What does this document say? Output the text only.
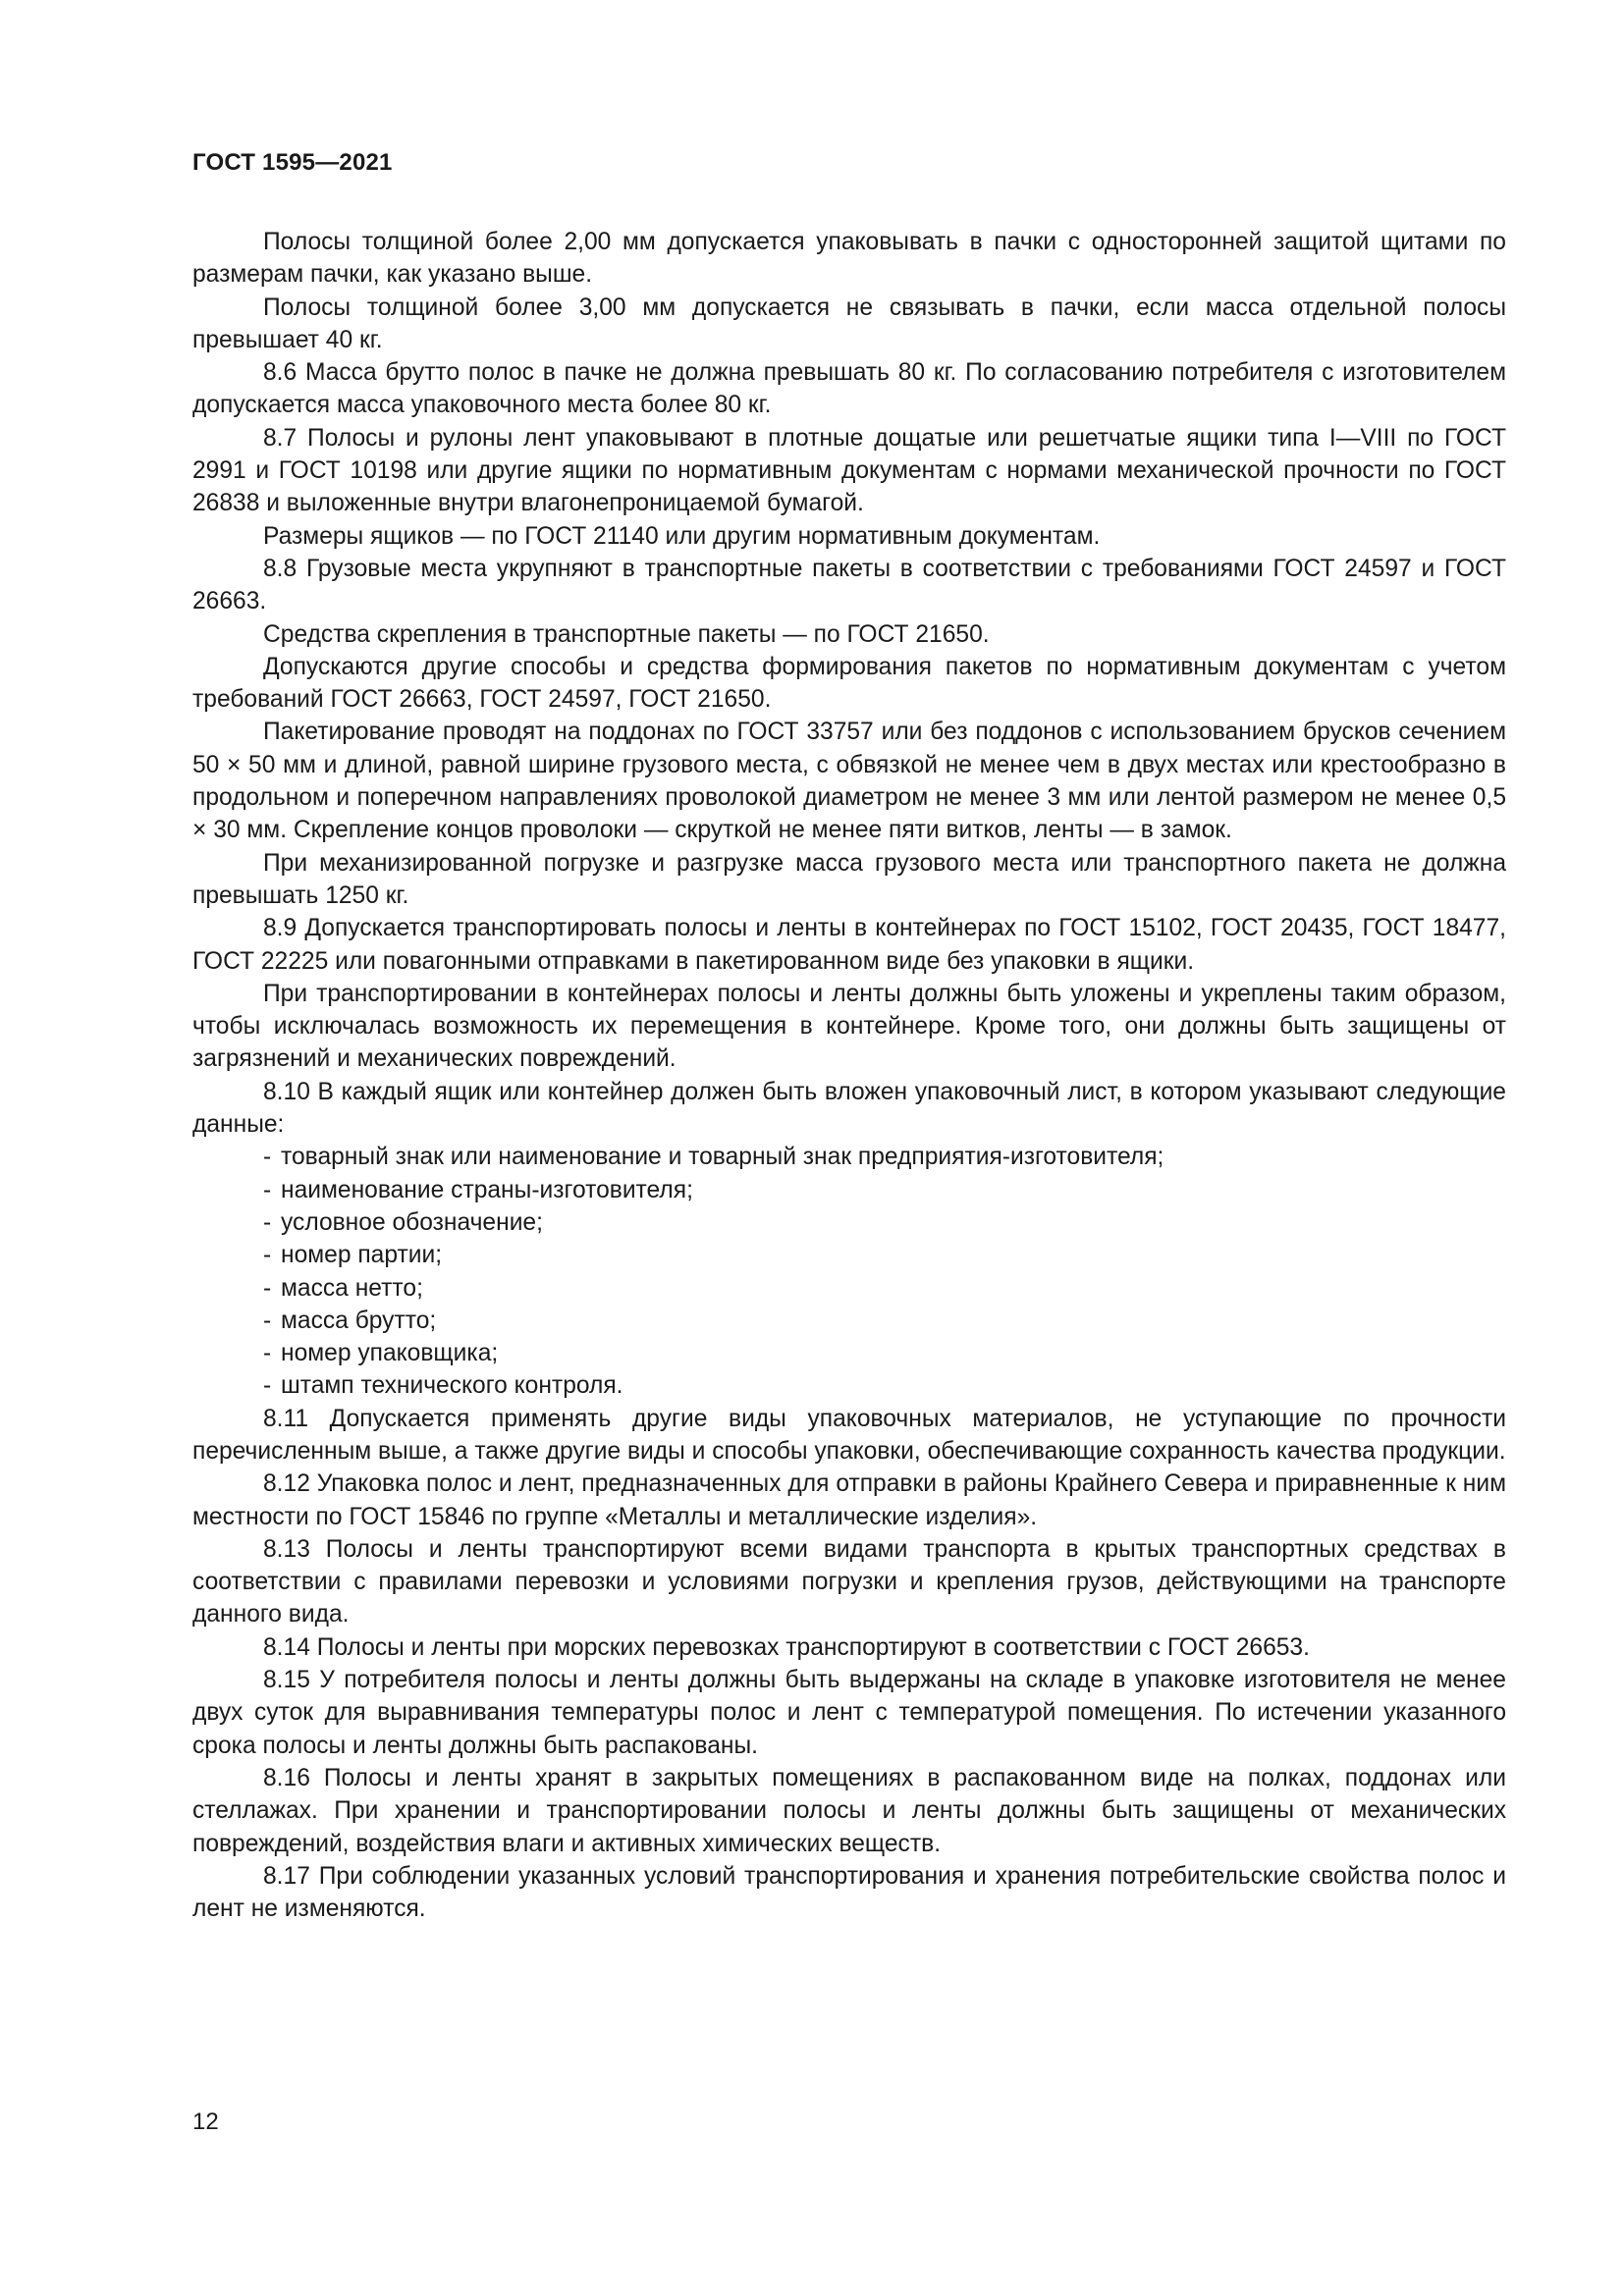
ГОСТ 1595—2021

Полосы толщиной более 2,00 мм допускается упаковывать в пачки с односторонней защитой щитами по размерам пачки, как указано выше.

Полосы толщиной более 3,00 мм допускается не связывать в пачки, если масса отдельной полосы превышает 40 кг.

8.6 Масса брутто полос в пачке не должна превышать 80 кг. По согласованию потребителя с изготовителем допускается масса упаковочного места более 80 кг.

8.7 Полосы и рулоны лент упаковывают в плотные дощатые или решетчатые ящики типа I—VIII по ГОСТ 2991 и ГОСТ 10198 или другие ящики по нормативным документам с нормами механической прочности по ГОСТ 26838 и выложенные внутри влагонепроницаемой бумагой.

Размеры ящиков — по ГОСТ 21140 или другим нормативным документам.

8.8 Грузовые места укрупняют в транспортные пакеты в соответствии с требованиями ГОСТ 24597 и ГОСТ 26663.

Средства скрепления в транспортные пакеты — по ГОСТ 21650.

Допускаются другие способы и средства формирования пакетов по нормативным документам с учетом требований ГОСТ 26663, ГОСТ 24597, ГОСТ 21650.

Пакетирование проводят на поддонах по ГОСТ 33757 или без поддонов с использованием брусков сечением 50 × 50 мм и длиной, равной ширине грузового места, с обвязкой не менее чем в двух местах или крестообразно в продольном и поперечном направлениях проволокой диаметром не менее 3 мм или лентой размером не менее 0,5 × 30 мм. Скрепление концов проволоки — скруткой не менее пяти витков, ленты — в замок.

При механизированной погрузке и разгрузке масса грузового места или транспортного пакета не должна превышать 1250 кг.

8.9 Допускается транспортировать полосы и ленты в контейнерах по ГОСТ 15102, ГОСТ 20435, ГОСТ 18477, ГОСТ 22225 или повагонными отправками в пакетированном виде без упаковки в ящики.

При транспортировании в контейнерах полосы и ленты должны быть уложены и укреплены таким образом, чтобы исключалась возможность их перемещения в контейнере. Кроме того, они должны быть защищены от загрязнений и механических повреждений.

8.10 В каждый ящик или контейнер должен быть вложен упаковочный лист, в котором указывают следующие данные:

- товарный знак или наименование и товарный знак предприятия-изготовителя;
- наименование страны-изготовителя;
- условное обозначение;
- номер партии;
- масса нетто;
- масса брутто;
- номер упаковщика;
- штамп технического контроля.

8.11 Допускается применять другие виды упаковочных материалов, не уступающие по прочности перечисленным выше, а также другие виды и способы упаковки, обеспечивающие сохранность качества продукции.

8.12 Упаковка полос и лент, предназначенных для отправки в районы Крайнего Севера и приравненные к ним местности по ГОСТ 15846 по группе «Металлы и металлические изделия».

8.13 Полосы и ленты транспортируют всеми видами транспорта в крытых транспортных средствах в соответствии с правилами перевозки и условиями погрузки и крепления грузов, действующими на транспорте данного вида.

8.14 Полосы и ленты при морских перевозках транспортируют в соответствии с ГОСТ 26653.

8.15 У потребителя полосы и ленты должны быть выдержаны на складе в упаковке изготовителя не менее двух суток для выравнивания температуры полос и лент с температурой помещения. По истечении указанного срока полосы и ленты должны быть распакованы.

8.16 Полосы и ленты хранят в закрытых помещениях в распакованном виде на полках, поддонах или стеллажах. При хранении и транспортировании полосы и ленты должны быть защищены от механических повреждений, воздействия влаги и активных химических веществ.

8.17 При соблюдении указанных условий транспортирования и хранения потребительские свойства полос и лент не изменяются.

12
